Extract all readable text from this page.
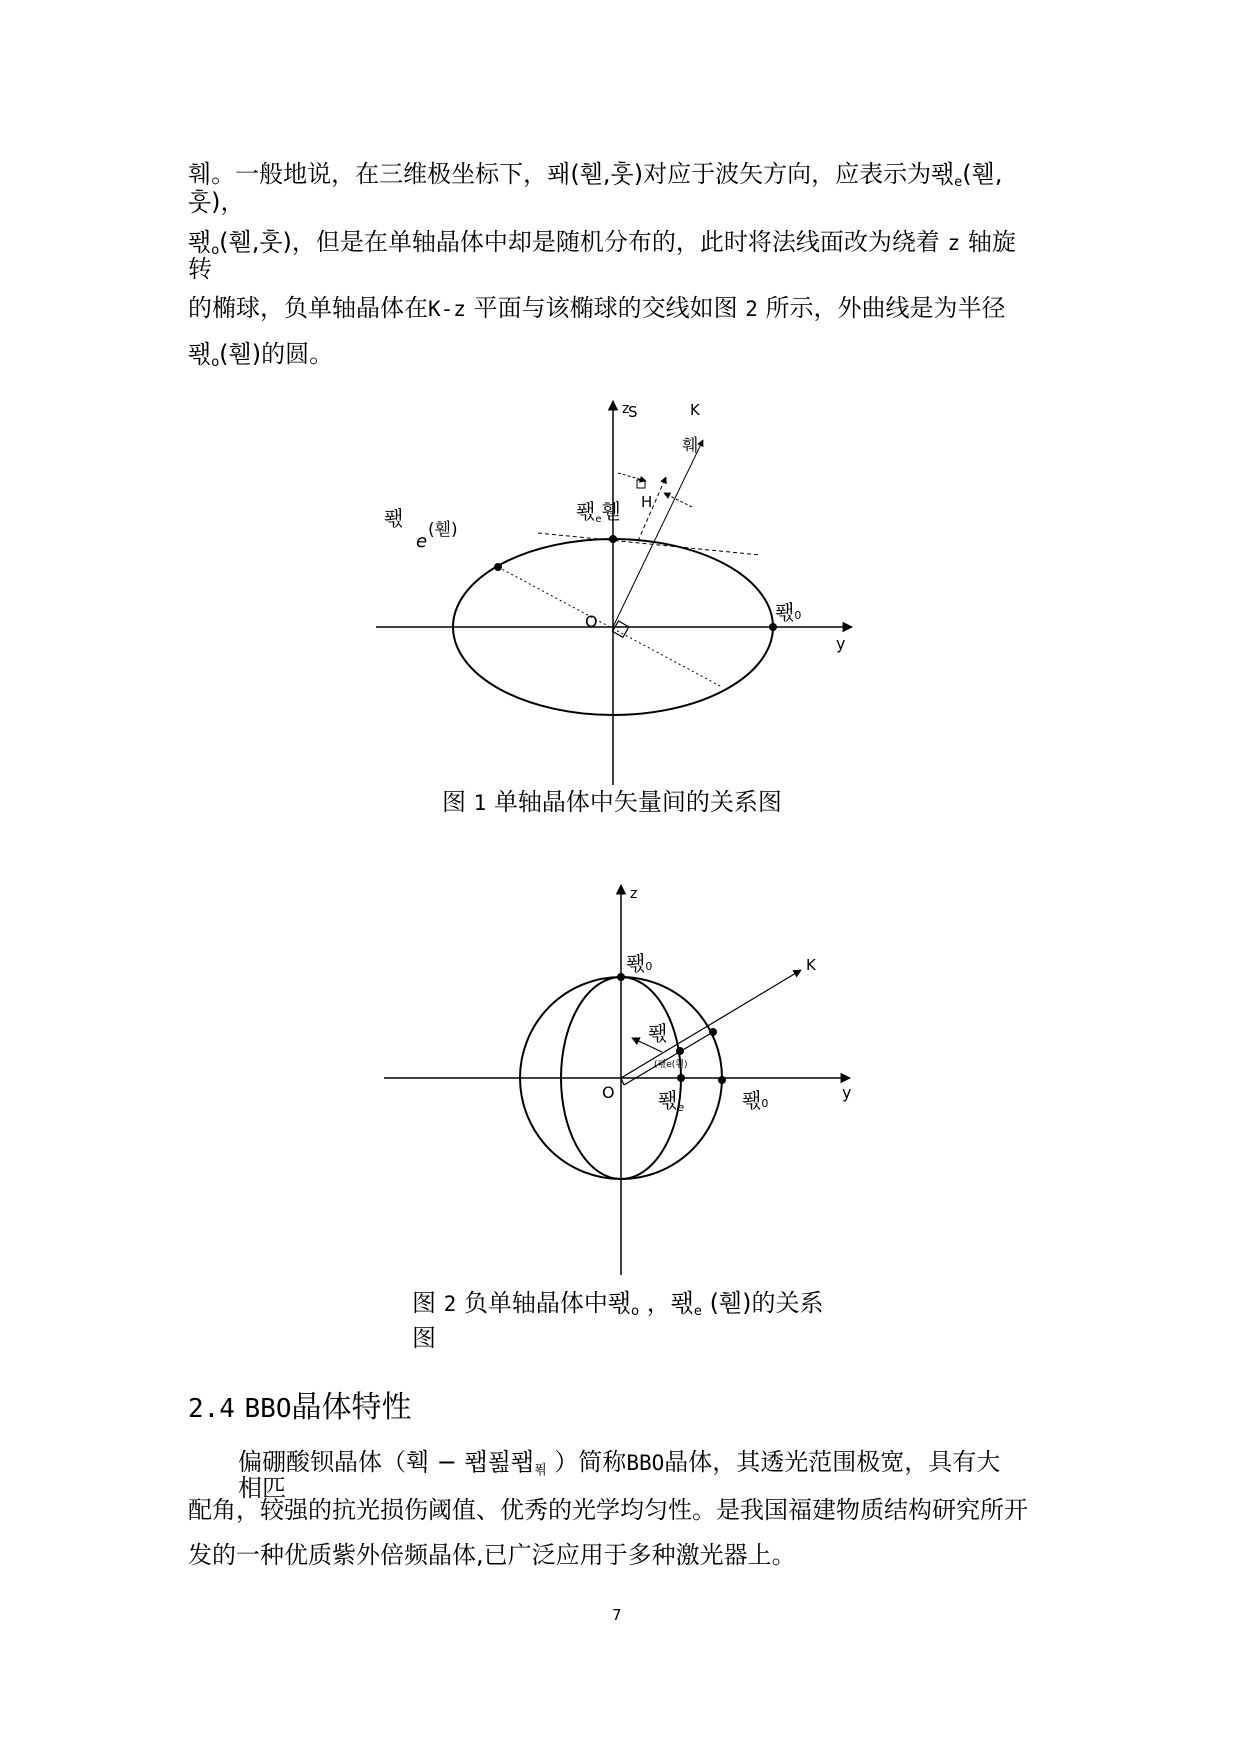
훼。一般地说，在三维极坐标下，퐤(휃,훗)对应于波矢方向，应表示为퐧$_e$(휃,
훗)，
퐧$_o$(휃,훗)，但是在单轴晶体中却是随机分布的，此时将法线面改为绕着 z 轴旋
转
的椭球，负单轴晶体在K-z 平面与该椭球的交线如图 2 所示，外曲线是为半径
퐧$_o$(휃)的圆。
z
y
S	K
훼
H
O
퐧$_e$휃
퐧 e (휃)
퐧0
图 1 单轴晶体中矢量间的关系图
z
y
K
O
퐧0
퐧
(퐧e(휃)
퐧$_e$	퐧0
图 2 负单轴晶体中퐧$_o$ ，퐧$_e$ (휃)的关系
图
2.4 BBO晶体特性
偏硼酸钡晶体（훽 − 퐵푎퐵$_푂$ ）简称BBO晶体，其透光范围极宽，具有大
相匹
配角，较强的抗光损伤阈值、优秀的光学均匀性。是我国福建物质结构研究所开
发的一种优质紫外倍频晶体,已广泛应用于多种激光器上。
7
